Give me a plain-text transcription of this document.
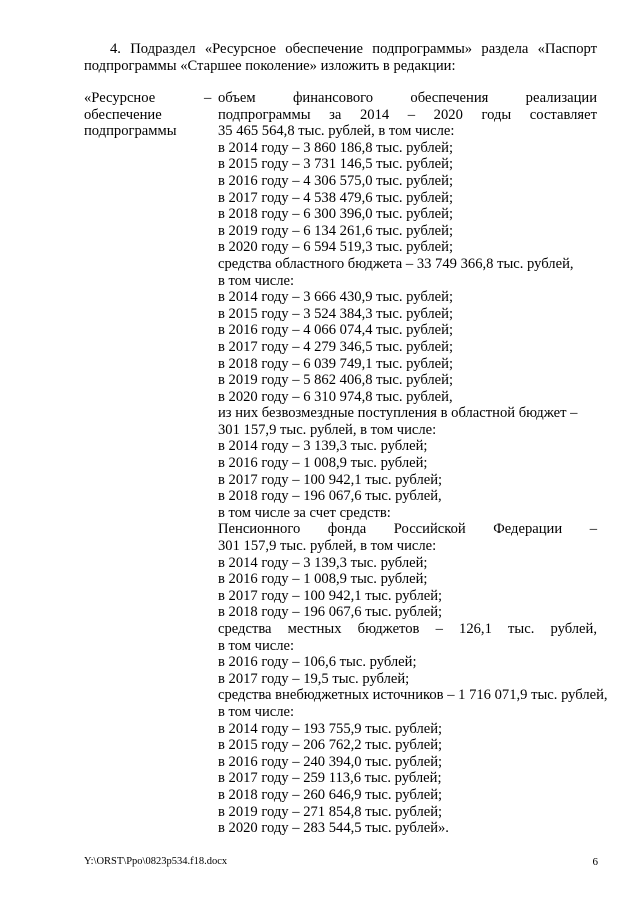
4. Подраздел «Ресурсное обеспечение подпрограммы» раздела «Паспорт подпрограммы «Старшее поколение» изложить в редакции:

«Ресурсное
обеспечение
подпрограммы
– объем финансового обеспечения реализации
подпрограммы за 2014 – 2020 годы составляет
35 465 564,8 тыс. рублей, в том числе:
в 2014 году – 3 860 186,8 тыс. рублей;
в 2015 году – 3 731 146,5 тыс. рублей;
в 2016 году – 4 306 575,0 тыс. рублей;
в 2017 году – 4 538 479,6 тыс. рублей;
в 2018 году – 6 300 396,0 тыс. рублей;
в 2019 году – 6 134 261,6 тыс. рублей;
в 2020 году – 6 594 519,3 тыс. рублей;
средства областного бюджета – 33 749 366,8 тыс. рублей,
в том числе:
в 2014 году – 3 666 430,9 тыс. рублей;
в 2015 году – 3 524 384,3 тыс. рублей;
в 2016 году – 4 066 074,4 тыс. рублей;
в 2017 году – 4 279 346,5 тыс. рублей;
в 2018 году – 6 039 749,1 тыс. рублей;
в 2019 году – 5 862 406,8 тыс. рублей;
в 2020 году – 6 310 974,8 тыс. рублей,
из них безвозмездные поступления в областной бюджет –
301 157,9 тыс. рублей, в том числе:
в 2014 году – 3 139,3 тыс. рублей;
в 2016 году – 1 008,9 тыс. рублей;
в 2017 году – 100 942,1 тыс. рублей;
в 2018 году – 196 067,6 тыс. рублей,
в том числе за счет средств:
Пенсионного фонда Российской Федерации –
301 157,9 тыс. рублей, в том числе:
в 2014 году – 3 139,3 тыс. рублей;
в 2016 году – 1 008,9 тыс. рублей;
в 2017 году – 100 942,1 тыс. рублей;
в 2018 году – 196 067,6 тыс. рублей;
средства местных бюджетов – 126,1 тыс. рублей,
в том числе:
в 2016 году – 106,6 тыс. рублей;
в 2017 году – 19,5 тыс. рублей;
средства внебюджетных источников – 1 716 071,9 тыс. рублей,
в том числе:
в 2014 году – 193 755,9 тыс. рублей;
в 2015 году – 206 762,2 тыс. рублей;
в 2016 году – 240 394,0 тыс. рублей;
в 2017 году – 259 113,6 тыс. рублей;
в 2018 году – 260 646,9 тыс. рублей;
в 2019 году – 271 854,8 тыс. рублей;
в 2020 году – 283 544,5 тыс. рублей».
Y:\ORST\Ppo\0823p534.f18.docx	6
